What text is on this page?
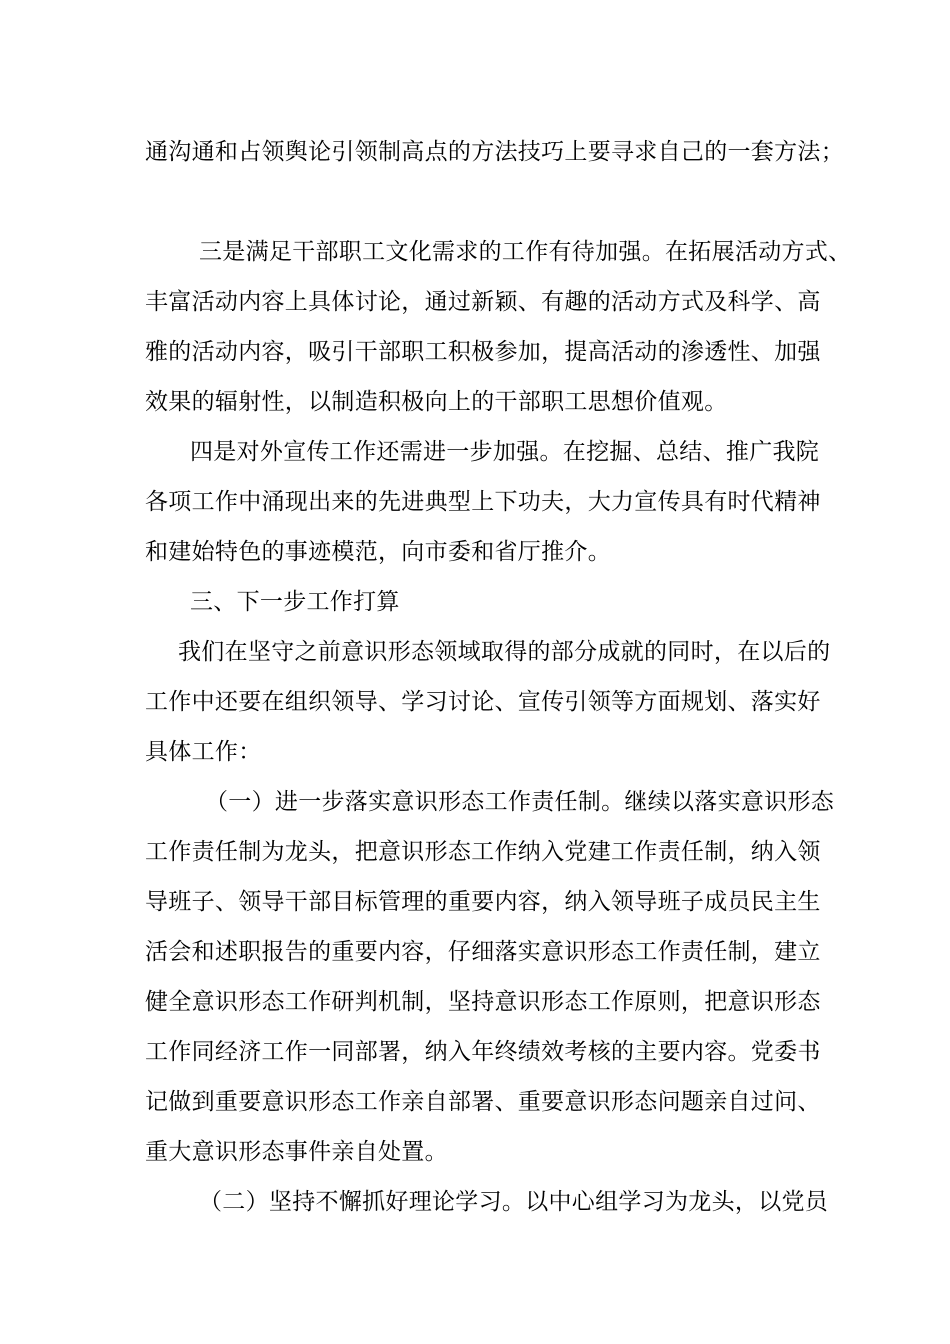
通沟通和占领舆论引领制高点的方法技巧上要寻求自己的一套方法；

三是满足干部职工文化需求的工作有待加强。在拓展活动方式、

丰富活动内容上具体讨论，通过新颖、有趣的活动方式及科学、高

雅的活动内容，吸引干部职工积极参加，提高活动的渗透性、加强

效果的辐射性，以制造积极向上的干部职工思想价值观。

四是对外宣传工作还需进一步加强。在挖掘、总结、推广我院

各项工作中涌现出来的先进典型上下功夫，大力宣传具有时代精神

和建始特色的事迹模范，向市委和省厅推介。

三、下一步工作打算

我们在坚守之前意识形态领域取得的部分成就的同时，在以后的

工作中还要在组织领导、学习讨论、宣传引领等方面规划、落实好

具体工作：

（一）进一步落实意识形态工作责任制。继续以落实意识形态

工作责任制为龙头，把意识形态工作纳入党建工作责任制，纳入领

导班子、领导干部目标管理的重要内容，纳入领导班子成员民主生

活会和述职报告的重要内容，仔细落实意识形态工作责任制，建立

健全意识形态工作研判机制，坚持意识形态工作原则，把意识形态

工作同经济工作一同部署，纳入年终绩效考核的主要内容。党委书

记做到重要意识形态工作亲自部署、重要意识形态问题亲自过问、

重大意识形态事件亲自处置。

（二）坚持不懈抓好理论学习。以中心组学习为龙头，以党员
